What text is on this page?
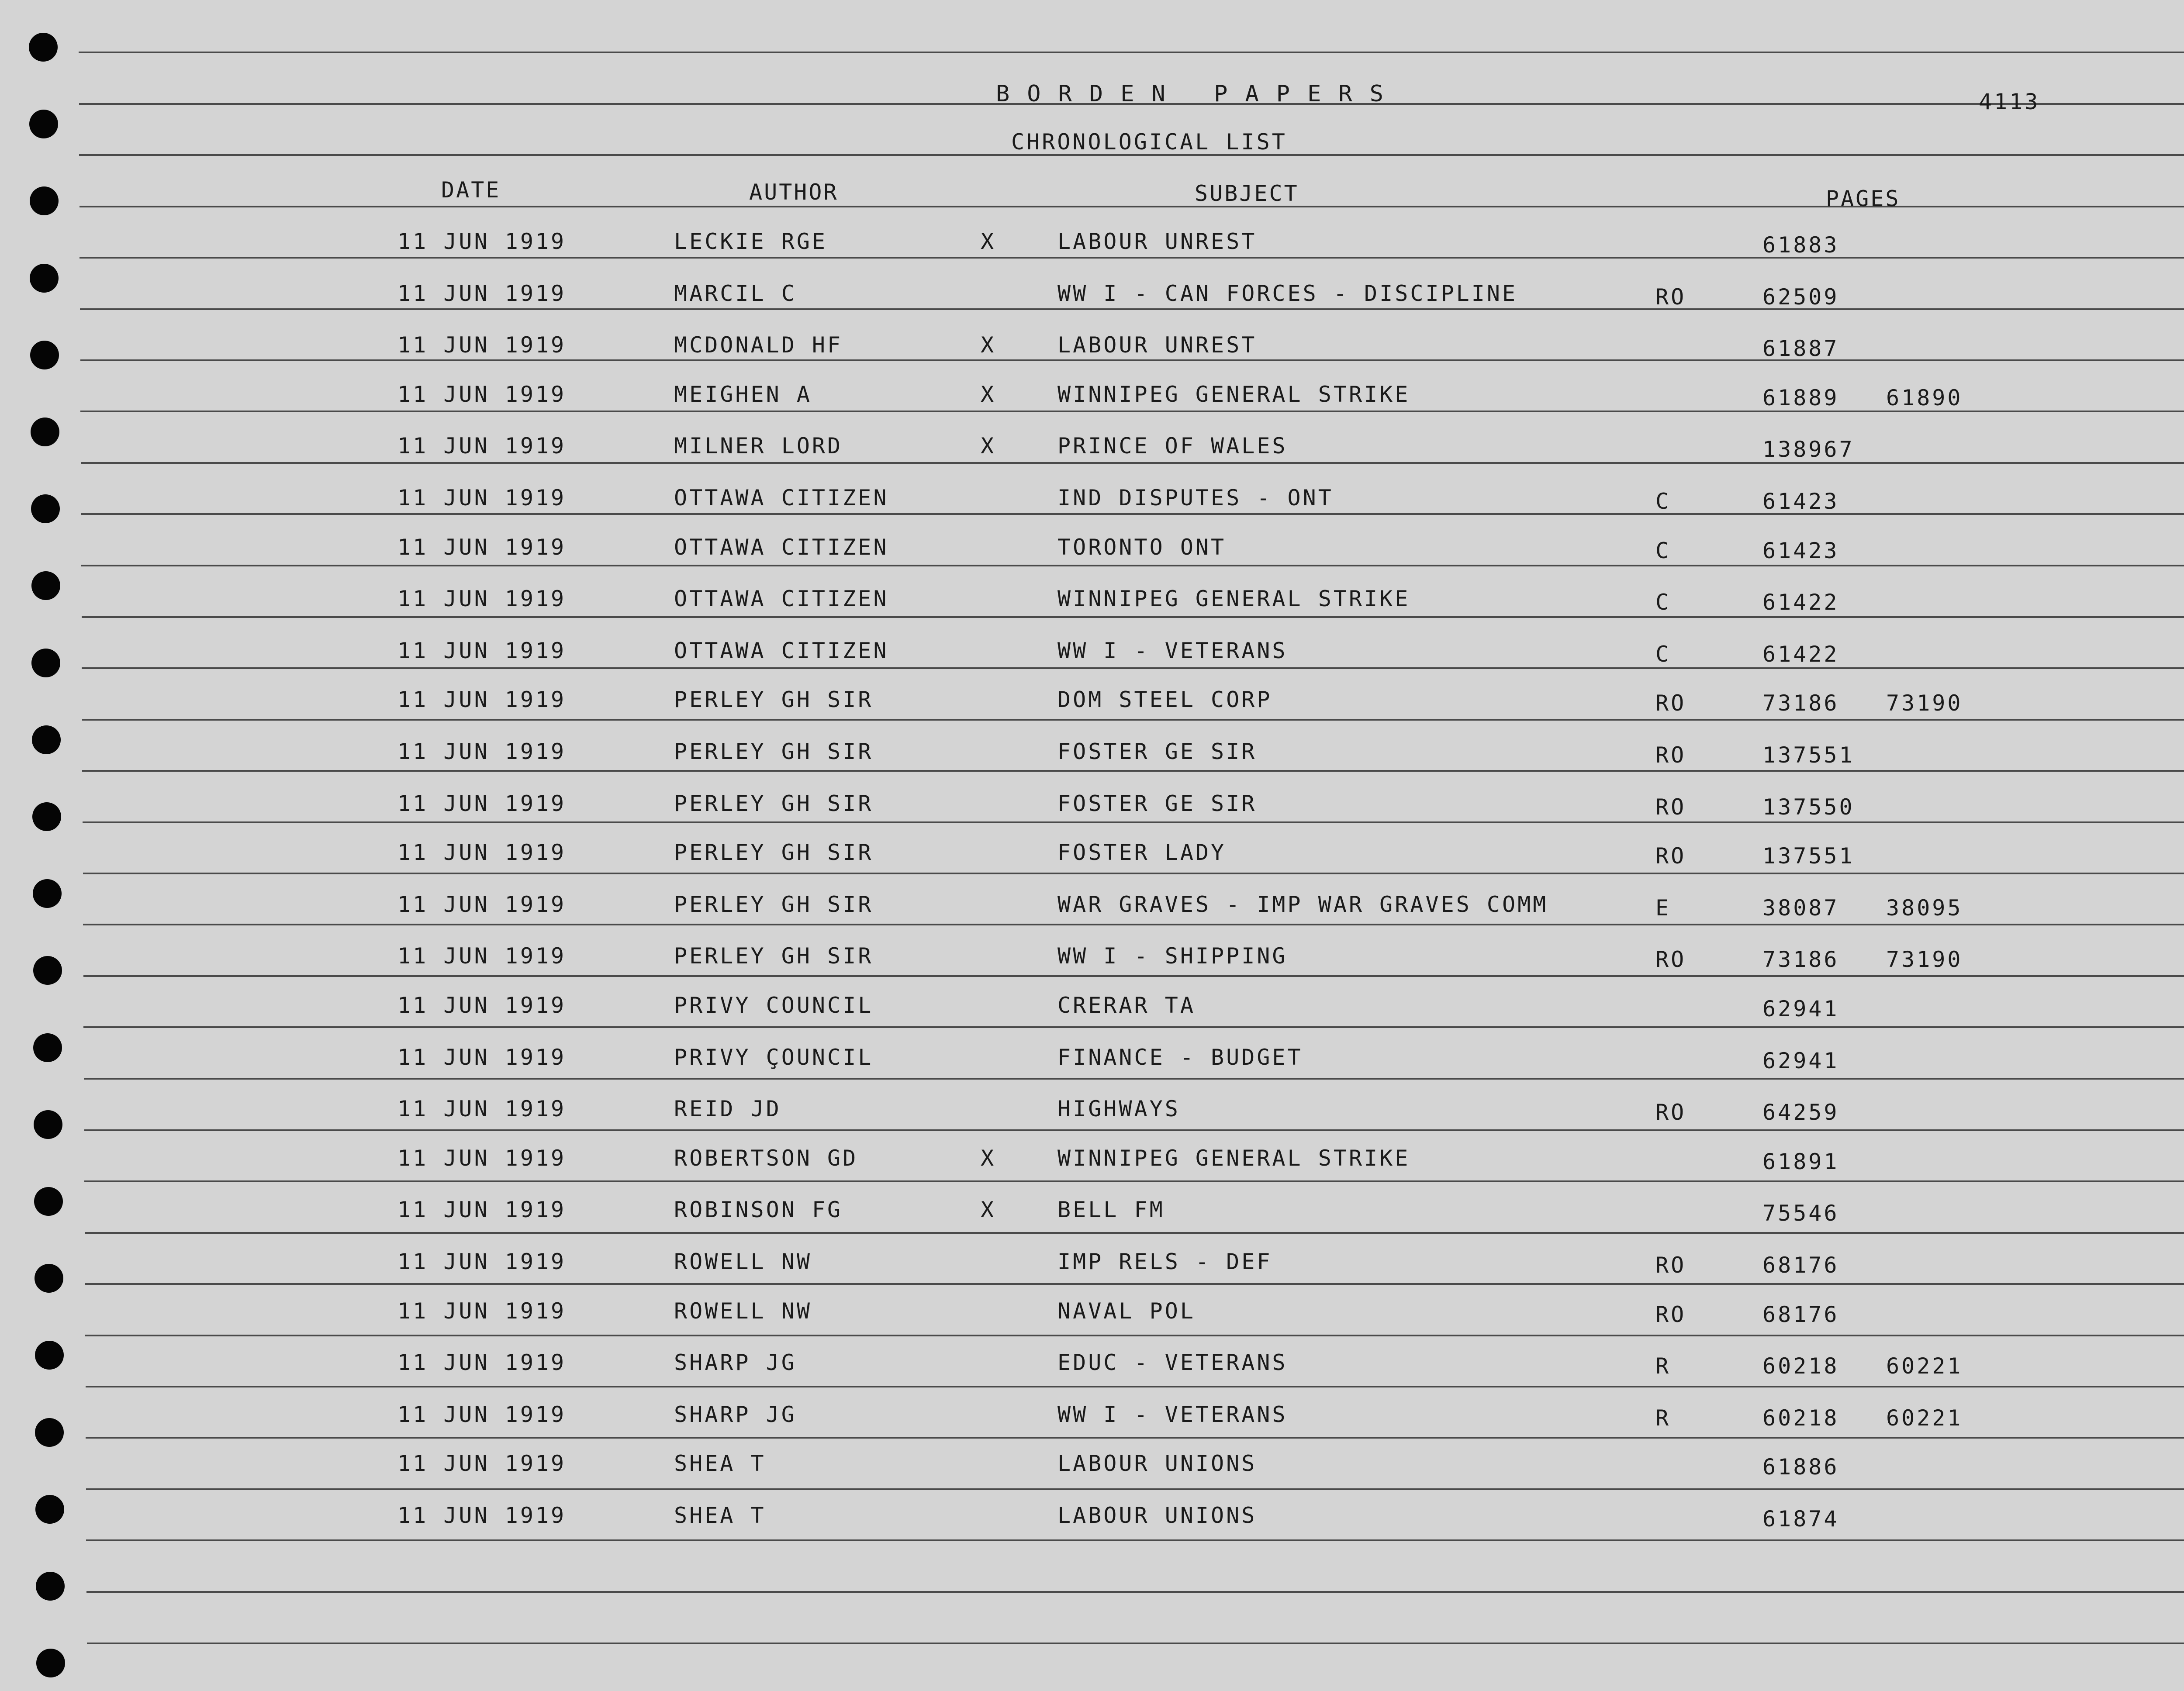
BORDEN PAPERS	4113
CHRONOLOGICAL LIST
DATE	AUTHOR	SUBJECT	PAGES
11 JUN 1919	LECKIE RGE	X	LABOUR UNREST	61883
11 JUN 1919	MARCIL C	WW I - CAN FORCES - DISCIPLINE	RO	62509
11 JUN 1919	MCDONALD HF	X	LABOUR UNREST	61887
11 JUN 1919	MEIGHEN A	X	WINNIPEG GENERAL STRIKE	61889 61890
11 JUN 1919	MILNER LORD	X	PRINCE OF WALES	138967
11 JUN 1919	OTTAWA CITIZEN	IND DISPUTES - ONT	C	61423
11 JUN 1919	OTTAWA CITIZEN	TORONTO ONT	C	61423
11 JUN 1919	OTTAWA CITIZEN	WINNIPEG GENERAL STRIKE	C	61422
11 JUN 1919	OTTAWA CITIZEN	WW I - VETERANS	C	61422
11 JUN 1919	PERLEY GH SIR	DOM STEEL CORP	RO	73186 73190
11 JUN 1919	PERLEY GH SIR	FOSTER GE SIR	RO	137551
11 JUN 1919	PERLEY GH SIR	FOSTER GE SIR	RO	137550
11 JUN 1919	PERLEY GH SIR	FOSTER LADY	RO	137551
11 JUN 1919	PERLEY GH SIR	WAR GRAVES - IMP WAR GRAVES COMM	E	38087 38095
11 JUN 1919	PERLEY GH SIR	WW I - SHIPPING	RO	73186 73190
11 JUN 1919	PRIVY COUNCIL	CRERAR TA	62941
11 JUN 1919	PRIVY ÇOUNCIL	FINANCE - BUDGET	62941
11 JUN 1919	REID JD	HIGHWAYS	RO	64259
11 JUN 1919	ROBERTSON GD	X	WINNIPEG GENERAL STRIKE	61891
11 JUN 1919	ROBINSON FG	X	BELL FM	75546
11 JUN 1919	ROWELL NW	IMP RELS - DEF	RO	68176
11 JUN 1919	ROWELL NW	NAVAL POL	RO	68176
11 JUN 1919	SHARP JG	EDUC - VETERANS	R	60218 60221
11 JUN 1919	SHARP JG	WW I - VETERANS	R	60218 60221
11 JUN 1919	SHEA T	LABOUR UNIONS	61886
11 JUN 1919	SHEA T	LABOUR UNIONS	61874
